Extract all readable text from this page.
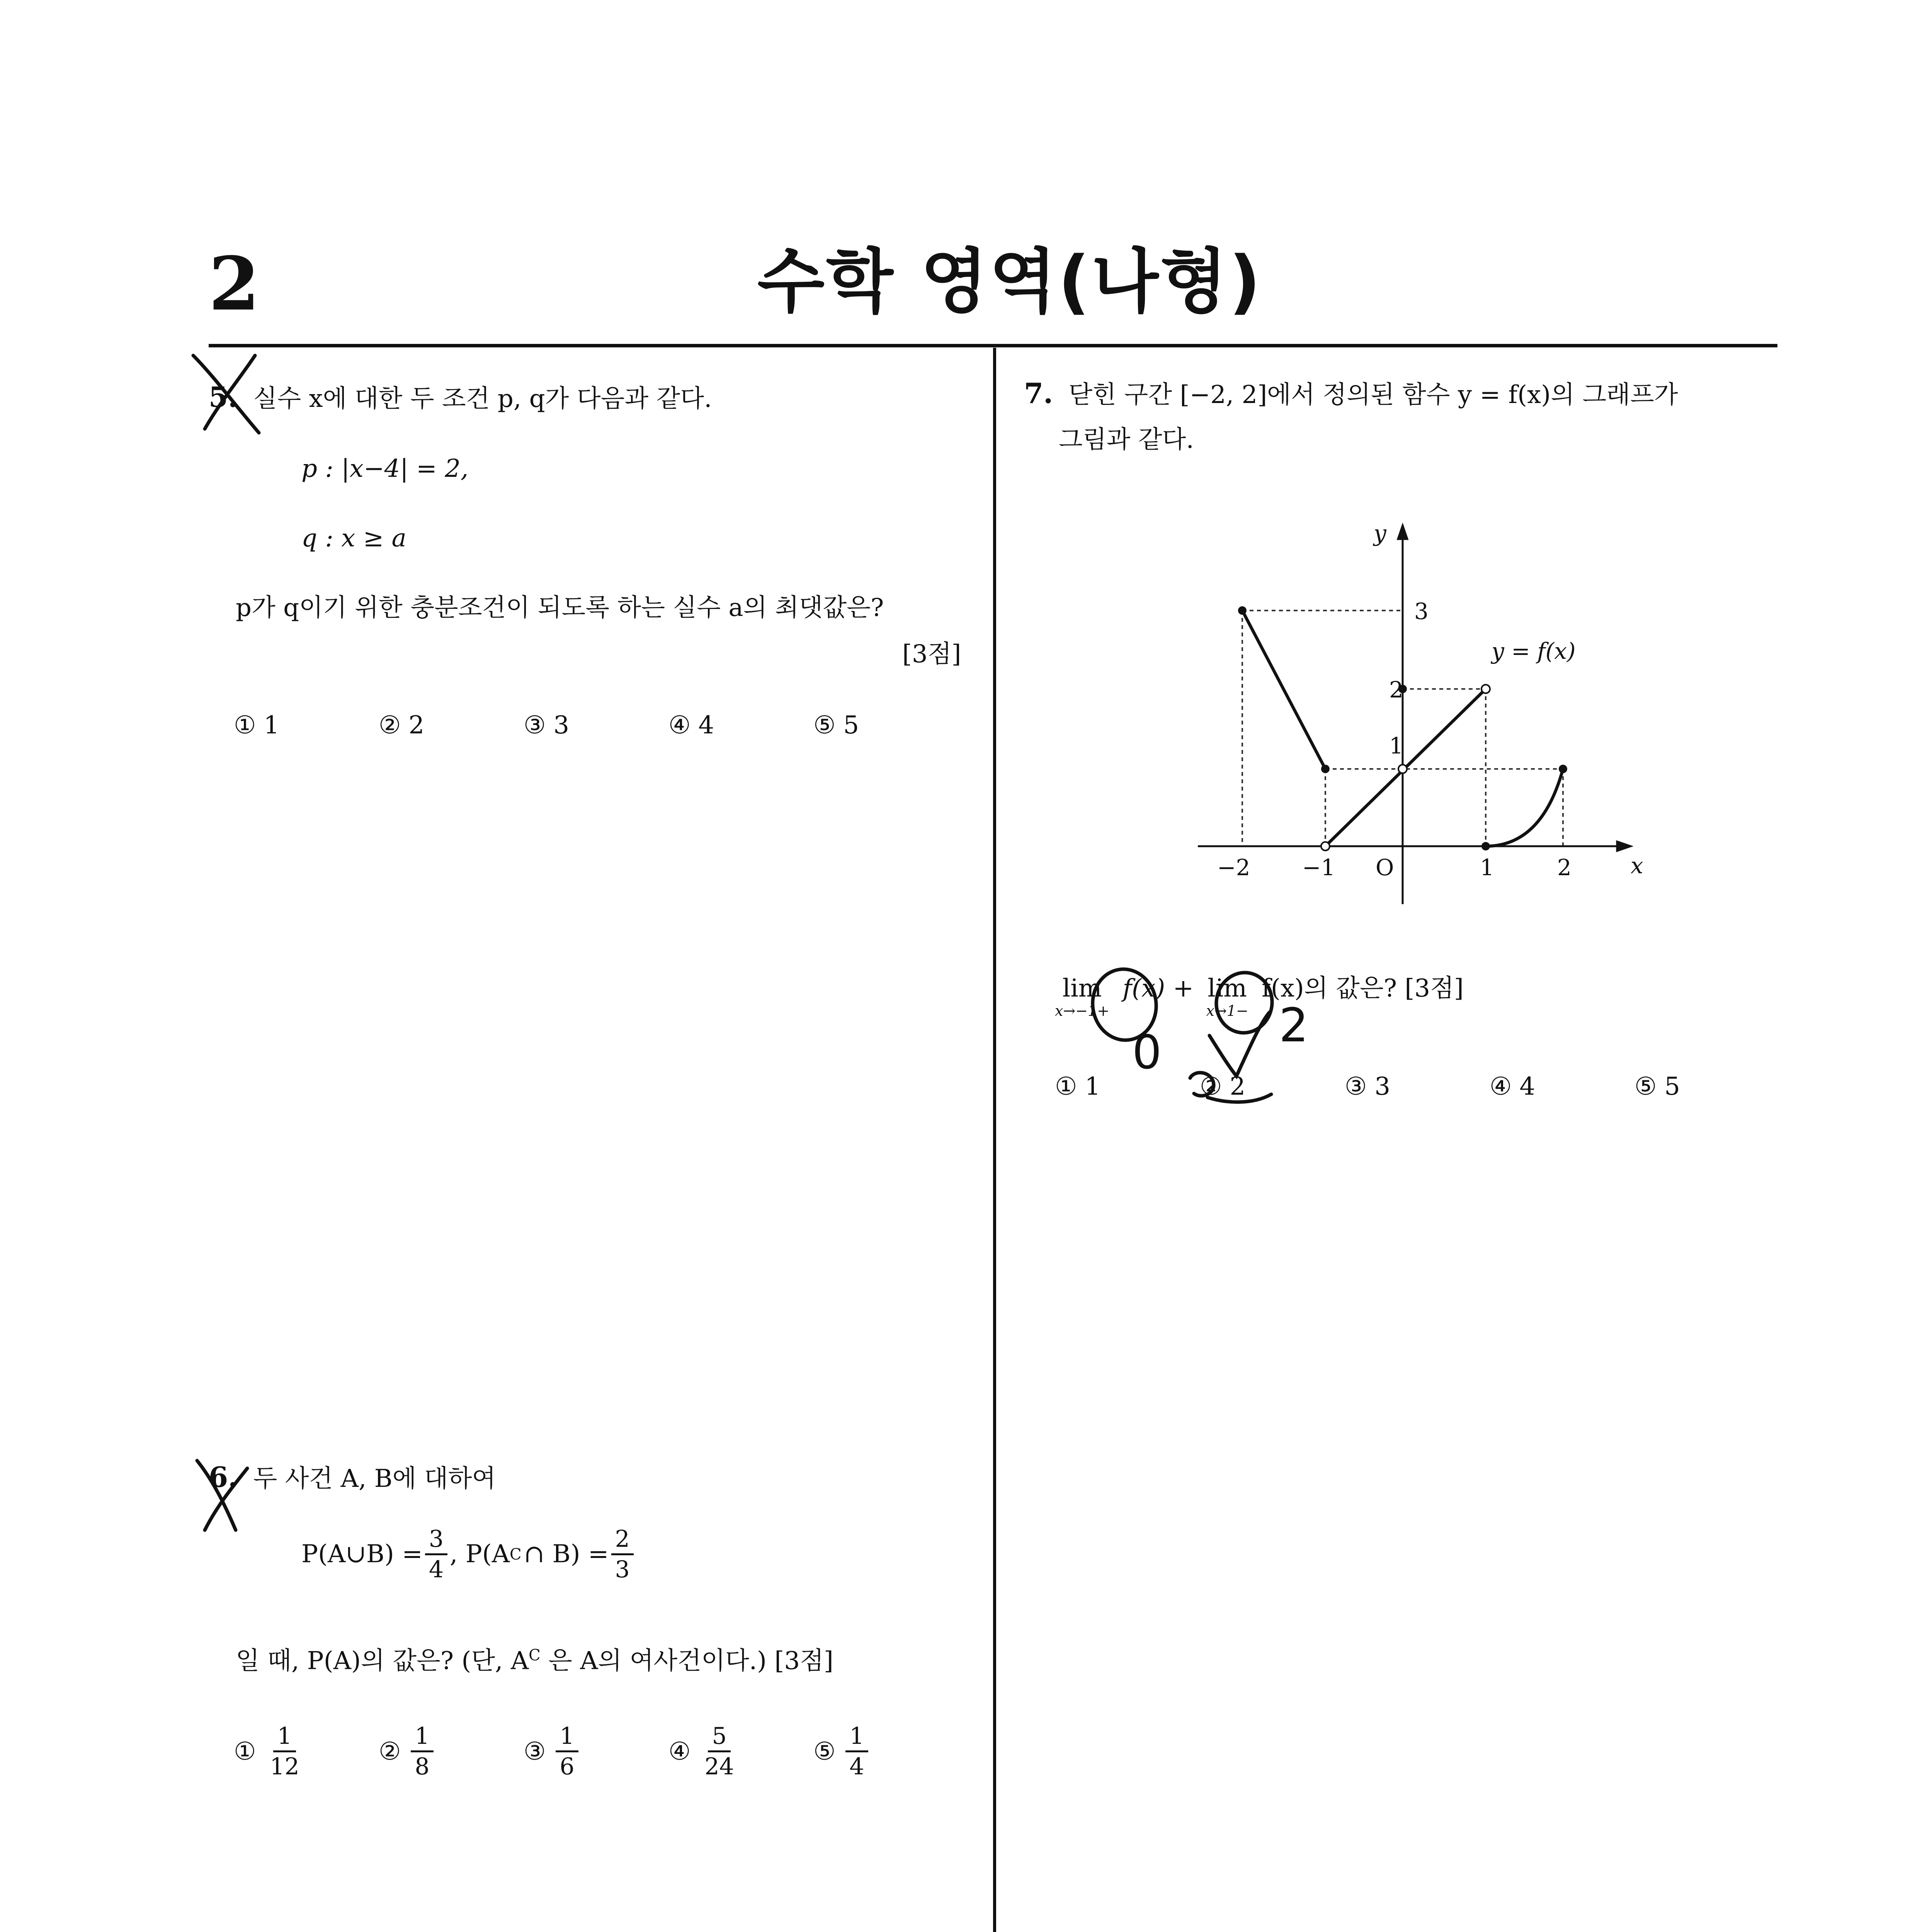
2	수학 영역(나형)
5. 실수 x에 대한 두 조건 p, q가 다음과 같다.
p : |x−4| = 2,
q : x ≥ a
p가 q이기 위한 충분조건이 되도록 하는 실수 a의 최댓값은?
[3점]
① 1	② 2	③ 3	④ 4	⑤ 5
6. 두 사건 A, B에 대하여
P(A∪B) = $\frac{3}{4}$ , P(A C ∩ $B) = \frac{2}{3}$
일 때, P(A)의 값은? (단, $A^C$ 은 A의 여사건이다.) [3점]
① $\frac{1}{12}$	② $\frac{1}{8}$	③ $\frac{1}{6}$	④ $\frac{5}{24}$	⑤ $\frac{1}{4}$
7. 닫힌 구간 [−2, 2]에서 정의된 함수 y = f(x)의 그래프가
그림과 같다.
y
x
O
−2 −1	1	2
1
2
3
y = f(x)
lim
x→−1+
f(x) + lim
x→1−
f(x)의 값은? [3점]
① 1	② 2	③ 3	④ 4	⑤ 5
0
2
